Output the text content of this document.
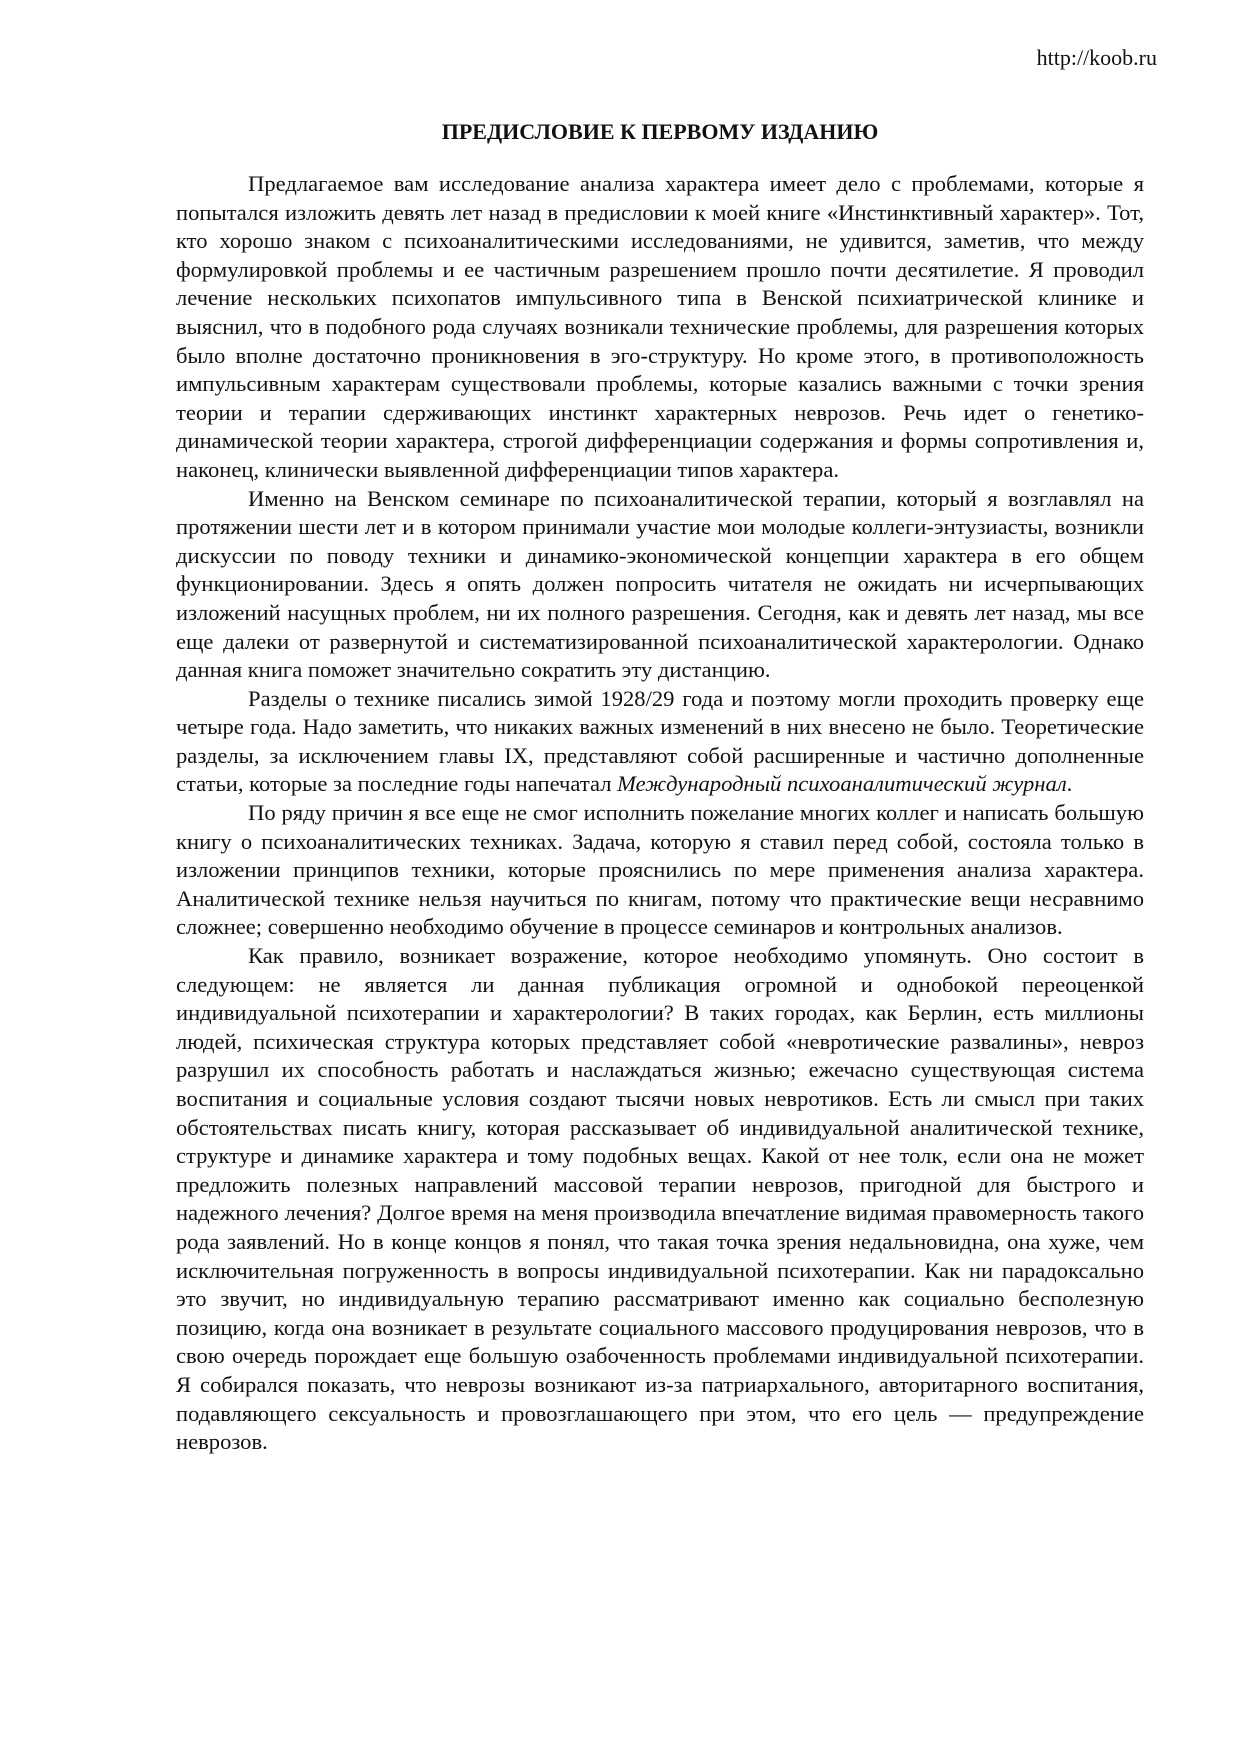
http://koob.ru
ПРЕДИСЛОВИЕ К ПЕРВОМУ ИЗДАНИЮ

Предлагаемое вам исследование анализа характера имеет дело с проблемами, которые я попытался изложить девять лет назад в предисловии к моей книге «Инстинктивный характер». Тот, кто хорошо знаком с психоаналитическими исследованиями, не удивится, заметив, что между формулировкой проблемы и ее частичным разрешением прошло почти десятилетие. Я проводил лечение нескольких психопатов импульсивного типа в Венской психиатрической клинике и выяснил, что в подобного рода случаях возникали технические проблемы, для разрешения которых было вполне достаточно проникновения в эго-структуру. Но кроме этого, в противоположность импульсивным характерам существовали проблемы, которые казались важными с точки зрения теории и терапии сдерживающих инстинкт характерных неврозов. Речь идет о генетико-динамической теории характера, строгой дифференциации содержания и формы сопротивления и, наконец, клинически выявленной дифференциации типов характера.

Именно на Венском семинаре по психоаналитической терапии, который я возглавлял на протяжении шести лет и в котором принимали участие мои молодые коллеги-энтузиасты, возникли дискуссии по поводу техники и динамико-экономической концепции характера в его общем функционировании. Здесь я опять должен попросить читателя не ожидать ни исчерпывающих изложений насущных проблем, ни их полного разрешения. Сегодня, как и девять лет назад, мы все еще далеки от развернутой и систематизированной психоаналитической характерологии. Однако данная книга поможет значительно сократить эту дистанцию.

Разделы о технике писались зимой 1928/29 года и поэтому могли проходить проверку еще четыре года. Надо заметить, что никаких важных изменений в них внесено не было. Теоретические разделы, за исключением главы IX, представляют собой расширенные и частично дополненные статьи, которые за последние годы напечатал Международный психоаналитический журнал.

По ряду причин я все еще не смог исполнить пожелание многих коллег и написать большую книгу о психоаналитических техниках. Задача, которую я ставил перед собой, состояла только в изложении принципов техники, которые прояснились по мере применения анализа характера. Аналитической технике нельзя научиться по книгам, потому что практические вещи несравнимо сложнее; совершенно необходимо обучение в процессе семинаров и контрольных анализов.

Как правило, возникает возражение, которое необходимо упомянуть. Оно состоит в следующем: не является ли данная публикация огромной и однобокой переоценкой индивидуальной психотерапии и характерологии? В таких городах, как Берлин, есть миллионы людей, психическая структура которых представляет собой «невротические развалины», невроз разрушил их способность работать и наслаждаться жизнью; ежечасно существующая система воспитания и социальные условия создают тысячи новых невротиков. Есть ли смысл при таких обстоятельствах писать книгу, которая рассказывает об индивидуальной аналитической технике, структуре и динамике характера и тому подобных вещах. Какой от нее толк, если она не может предложить полезных направлений массовой терапии неврозов, пригодной для быстрого и надежного лечения? Долгое время на меня производила впечатление видимая правомерность такого рода заявлений. Но в конце концов я понял, что такая точка зрения недальновидна, она хуже, чем исключительная погруженность в вопросы индивидуальной психотерапии. Как ни парадоксально это звучит, но индивидуальную терапию рассматривают именно как социально бесполезную позицию, когда она возникает в результате социального массового продуцирования неврозов, что в свою очередь порождает еще большую озабоченность проблемами индивидуальной психотерапии. Я собирался показать, что неврозы возникают из-за патриархального, авторитарного воспитания, подавляющего сексуальность и провозглашающего при этом, что его цель — предупреждение неврозов.
